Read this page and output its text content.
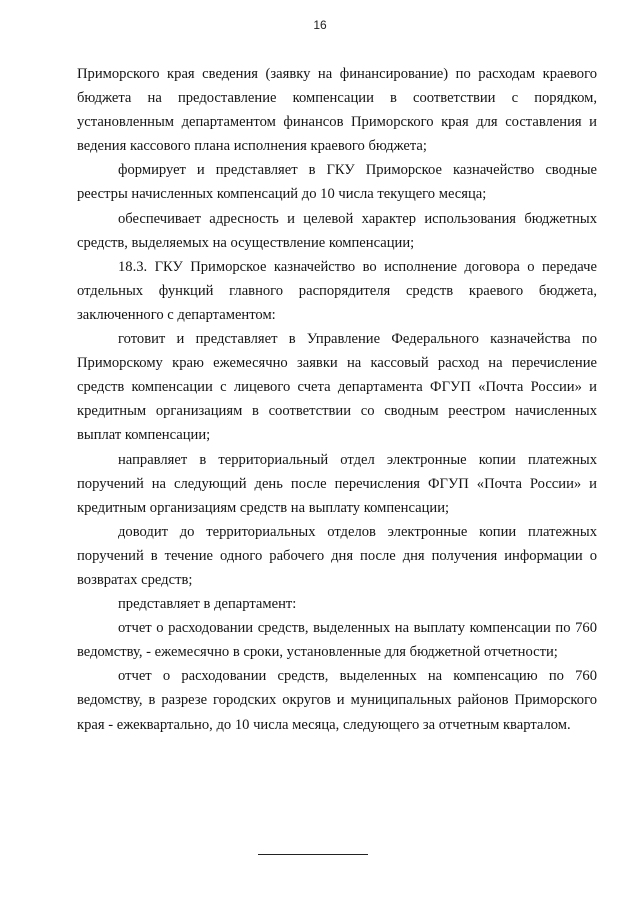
16

Приморского края сведения (заявку на финансирование) по расходам краевого бюджета на предоставление компенсации в соответствии с порядком, установленным департаментом финансов Приморского края для составления и ведения кассового плана исполнения краевого бюджета;

формирует и представляет в ГКУ Приморское казначейство сводные реестры начисленных компенсаций до 10 числа текущего месяца;

обеспечивает адресность и целевой характер использования бюджетных средств, выделяемых на осуществление компенсации;

18.3. ГКУ Приморское казначейство во исполнение договора о передаче отдельных функций главного распорядителя средств краевого бюджета, заключенного с департаментом:

готовит и представляет в Управление Федерального казначейства по Приморскому краю ежемесячно заявки на кассовый расход на перечисление средств компенсации с лицевого счета департамента ФГУП «Почта России» и кредитным организациям в соответствии со сводным реестром начисленных выплат компенсации;

направляет в территориальный отдел электронные копии платежных поручений на следующий день после перечисления ФГУП «Почта России» и кредитным организациям средств на выплату компенсации;

доводит до территориальных отделов электронные копии платежных поручений в течение одного рабочего дня после дня получения информации о возвратах средств;

представляет в департамент:

отчет о расходовании средств, выделенных на выплату компенсации по 760 ведомству, - ежемесячно в сроки, установленные для бюджетной отчетности;

отчет о расходовании средств, выделенных на компенсацию по 760 ведомству, в разрезе городских округов и муниципальных районов Приморского края - ежеквартально, до 10 числа месяца, следующего за отчетным кварталом.
